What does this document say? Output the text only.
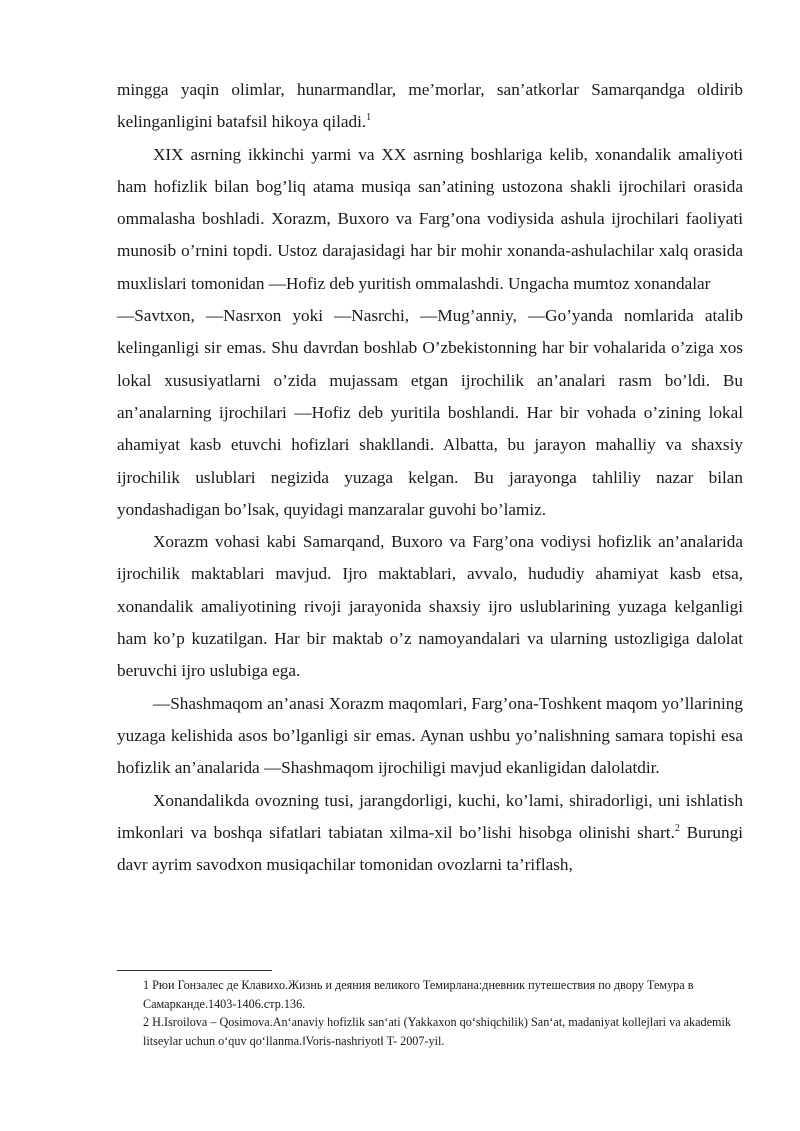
mingga yaqin olimlar, hunarmandlar, me’morlar, san’atkorlar Samarqandga oldirib kelinganligini batafsil hikoya qiladi.$^1$

XIX asrning ikkinchi yarmi va XX asrning boshlariga kelib, xonandalik amaliyoti ham hofizlik bilan bog’liq atama musiqa san’atining ustozona shakli ijrochilari orasida ommalasha boshladi. Xorazm, Buxoro va Farg’ona vodiysida ashula ijrochilari faoliyati munosib o’rnini topdi. Ustoz darajasidagi har bir mohir xonanda-ashulachilar xalq orasida muxlislari tomonidan ―Hofiz deb yuritish ommalashdi. Ungacha mumtoz xonandalar

―Savtxon, ―Nasrxon yoki ―Nasrchi, ―Mug’anniy, ―Go’yanda nomlarida atalib kelinganligi sir emas. Shu davrdan boshlab O’zbekistonning har bir vohalarida o’ziga xos lokal xususiyatlarni o’zida mujassam etgan ijrochilik an’analari rasm bo’ldi. Bu an’analarning ijrochilari ―Hofiz deb yuritila boshlandi. Har bir vohada o’zining lokal ahamiyat kasb etuvchi hofizlari shakllandi. Albatta, bu jarayon mahalliy va shaxsiy ijrochilik uslublari negizida yuzaga kelgan. Bu jarayonga tahliliy nazar bilan yondashadigan bo’lsak, quyidagi manzaralar guvohi bo’lamiz.

Xorazm vohasi kabi Samarqand, Buxoro va Farg’ona vodiysi hofizlik an’analarida ijrochilik maktablari mavjud. Ijro maktablari, avvalo, hududiy ahamiyat kasb etsa, xonandalik amaliyotining rivoji jarayonida shaxsiy ijro uslublarining yuzaga kelganligi ham ko’p kuzatilgan. Har bir maktab o’z namoyandalari va ularning ustozligiga dalolat beruvchi ijro uslubiga ega.

―Shashmaqom an’anasi Xorazm maqomlari, Farg’ona-Toshkent maqom yo’llarining yuzaga kelishida asos bo’lganligi sir emas. Aynan ushbu yo’nalishning samara topishi esa hofizlik an’analarida ―Shashmaqom ijrochiligi mavjud ekanligidan dalolatdir.

Xonandalikda ovozning tusi, jarangdorligi, kuchi, ko’lami, shiradorligi, uni ishlatish imkonlari va boshqa sifatlari tabiatan xilma-xil bo’lishi hisobga olinishi shart.$^2$ Burungi davr ayrim savodxon musiqachilar tomonidan ovozlarni ta’riflash,

1 Рюи Гонзалес де Клавихо.Жизнь и деяния великого Темирлана:дневник путешествия по двору Темура в Самарканде.1403-1406.стр.136.

2 H.Isroilova – Qosimova.An‘anaviy hofizlik san‘ati (Yakkaxon qo‘shiqchilik) San‘at, madaniyat kollejlari va akademik litseylar uchun o‘quv qo‘llanma.‖Voris-nashriyot‖ T- 2007-yil.
